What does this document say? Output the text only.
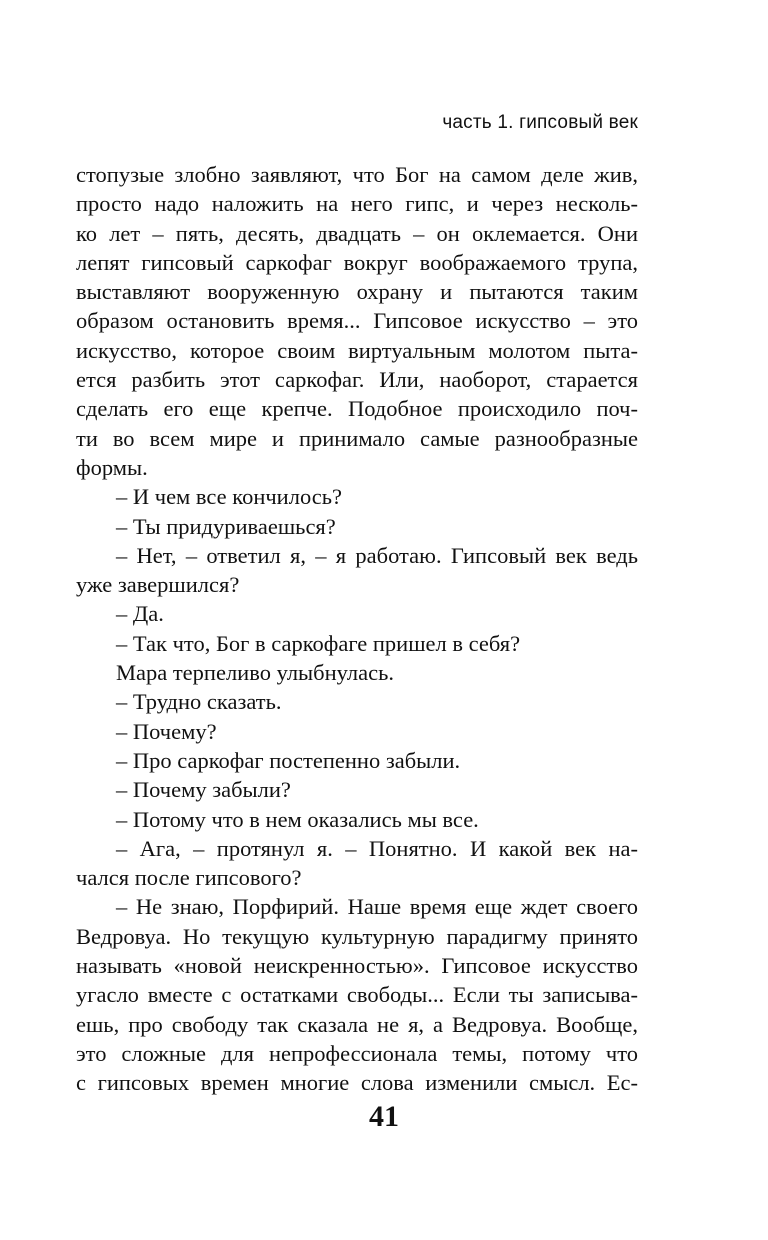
часть 1. гипсовый век
стопузые злобно заявляют, что Бог на самом деле жив,
просто надо наложить на него гипс, и через несколь-
ко лет – пять, десять, двадцать – он оклемается. Они
лепят гипсовый саркофаг вокруг воображаемого трупа,
выставляют вооруженную охрану и пытаются таким
образом остановить время... Гипсовое искусство – это
искусство, которое своим виртуальным молотом пыта-
ется разбить этот саркофаг. Или, наоборот, старается
сделать его еще крепче. Подобное происходило поч-
ти во всем мире и принимало самые разнообразные
формы.
– И чем все кончилось?
– Ты придуриваешься?
– Нет, – ответил я, – я работаю. Гипсовый век ведь
уже завершился?
– Да.
– Так что, Бог в саркофаге пришел в себя?
Мара терпеливо улыбнулась.
– Трудно сказать.
– Почему?
– Про саркофаг постепенно забыли.
– Почему забыли?
– Потому что в нем оказались мы все.
– Ага, – протянул я. – Понятно. И какой век на-
чался после гипсового?
– Не знаю, Порфирий. Наше время еще ждет своего
Ведровуа. Но текущую культурную парадигму принято
называть «новой неискренностью». Гипсовое искусство
угасло вместе с остатками свободы... Если ты записыва-
ешь, про свободу так сказала не я, а Ведровуа. Вообще,
это сложные для непрофессионала темы, потому что
с гипсовых времен многие слова изменили смысл. Ес-
41
